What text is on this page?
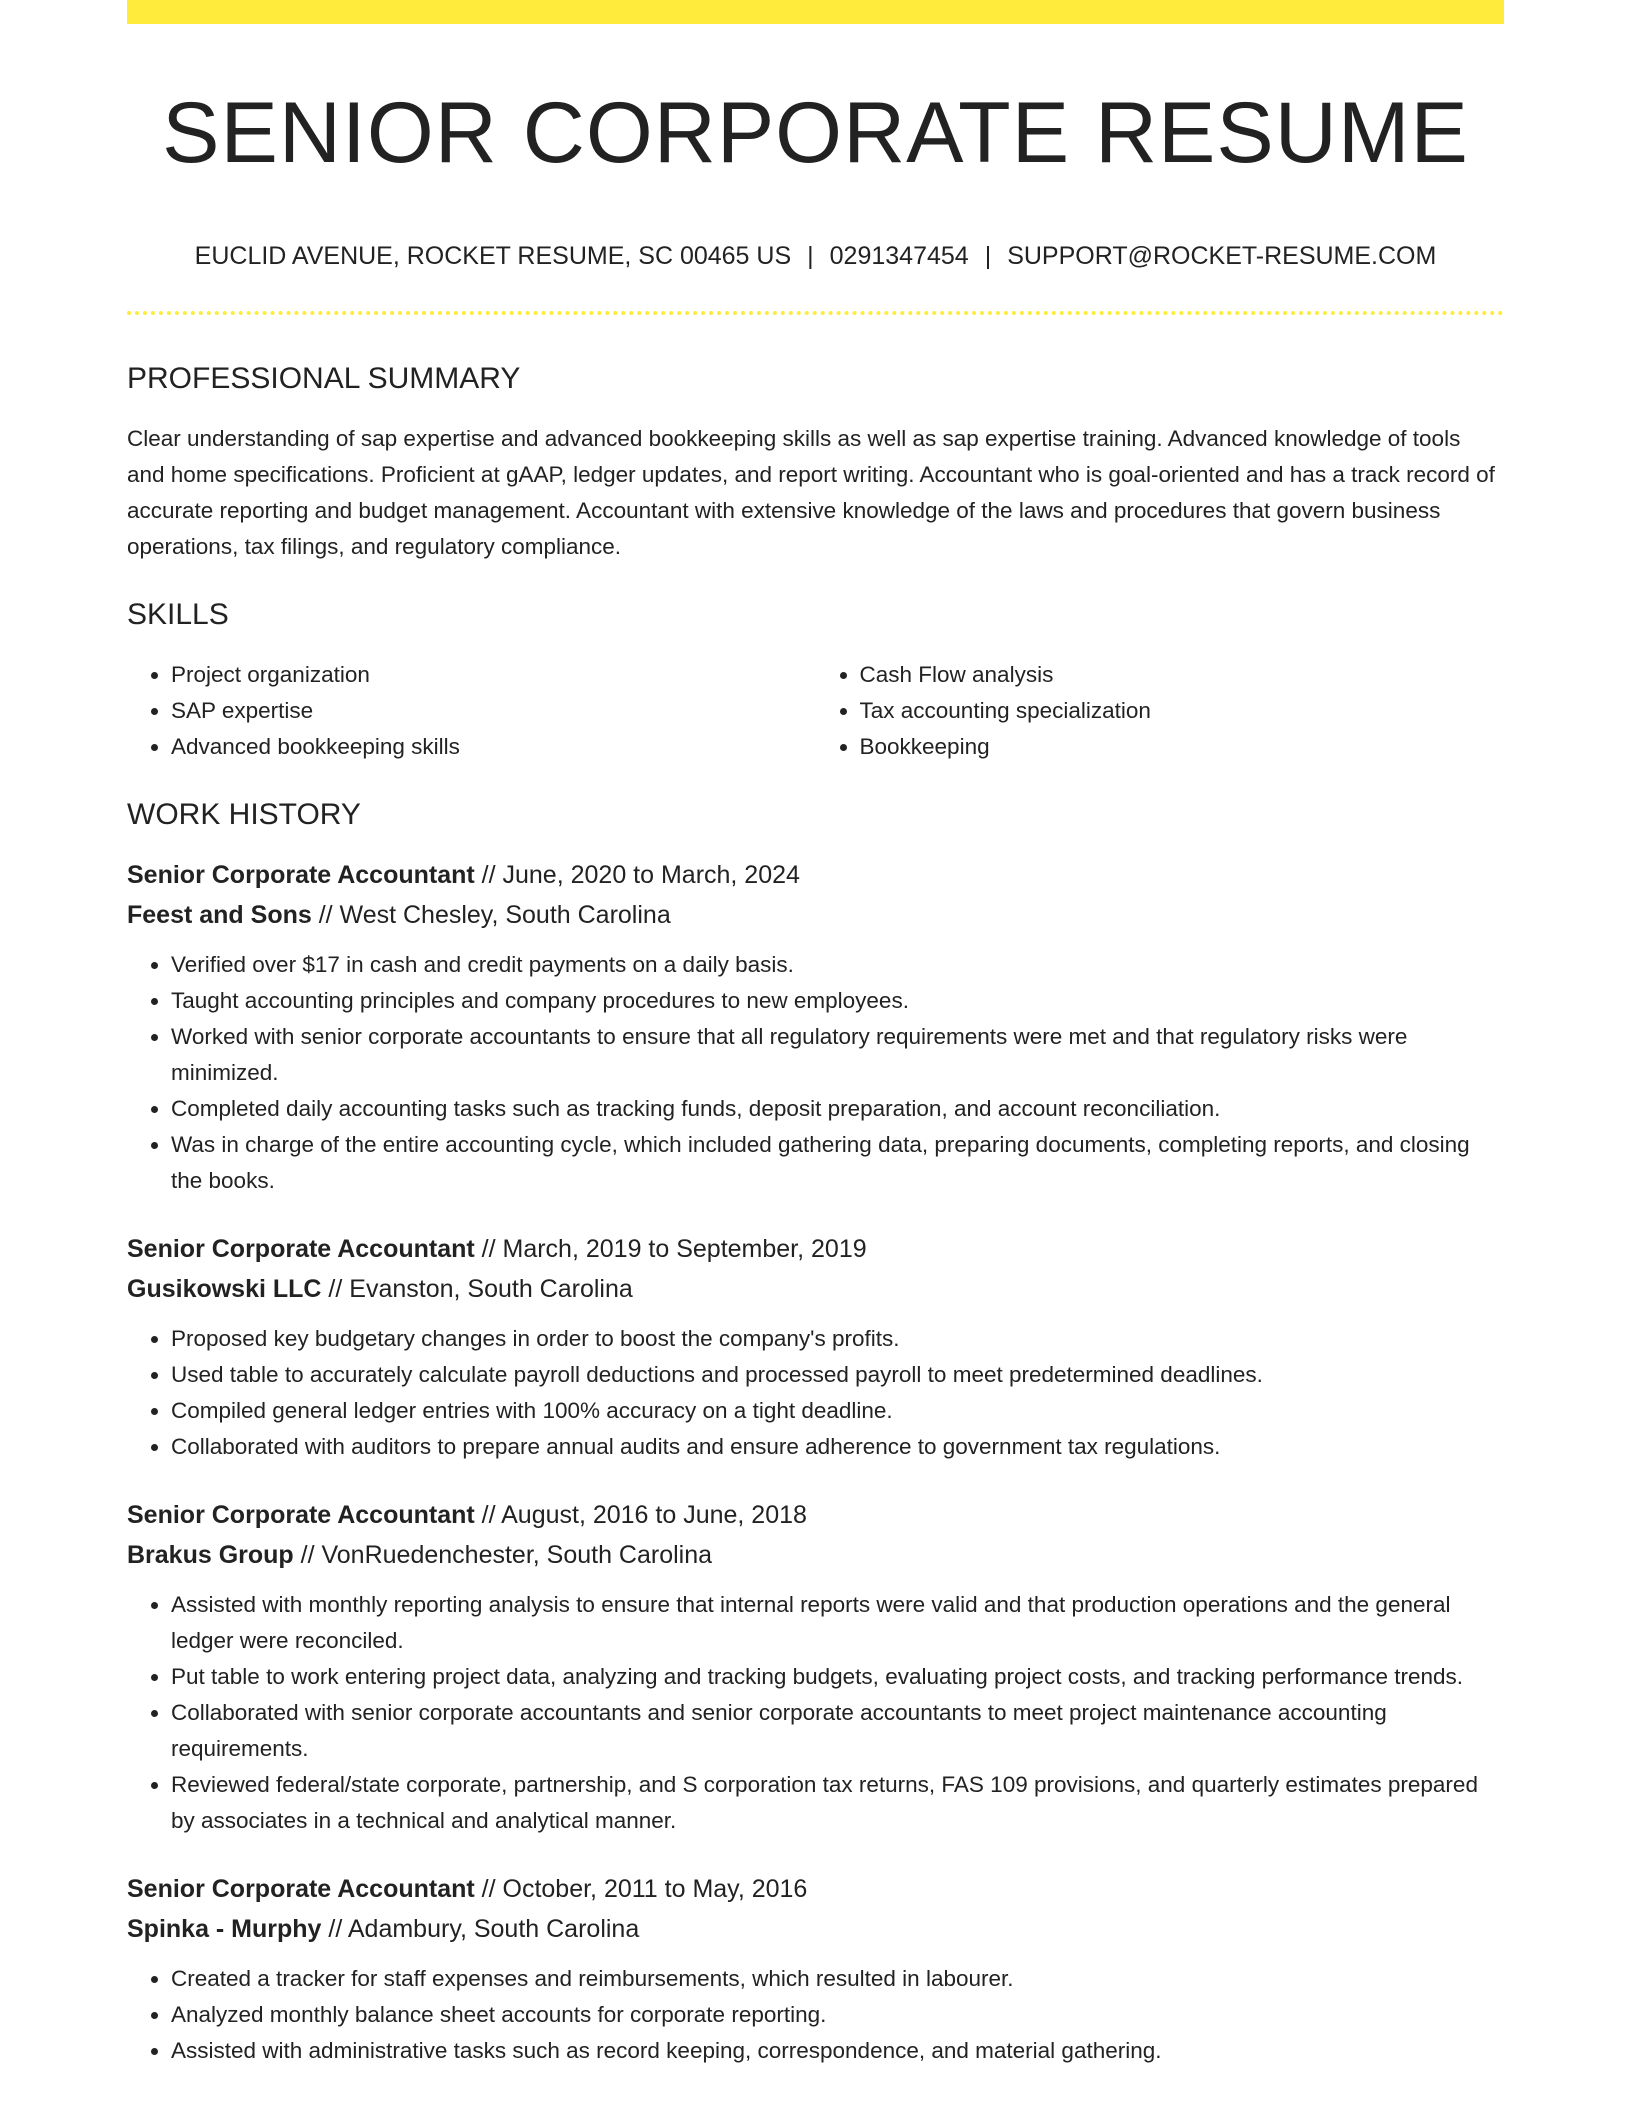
SENIOR CORPORATE RESUME
EUCLID AVENUE, ROCKET RESUME, SC 00465 US | 0291347454 | SUPPORT@ROCKET-RESUME.COM
PROFESSIONAL SUMMARY
Clear understanding of sap expertise and advanced bookkeeping skills as well as sap expertise training. Advanced knowledge of tools and home specifications. Proficient at gAAP, ledger updates, and report writing. Accountant who is goal-oriented and has a track record of accurate reporting and budget management. Accountant with extensive knowledge of the laws and procedures that govern business operations, tax filings, and regulatory compliance.
SKILLS
• Project organization
• SAP expertise
• Advanced bookkeeping skills
• Cash Flow analysis
• Tax accounting specialization
• Bookkeeping
WORK HISTORY
Senior Corporate Accountant // June, 2020 to March, 2024
Feest and Sons // West Chesley, South Carolina
• Verified over $17 in cash and credit payments on a daily basis.
• Taught accounting principles and company procedures to new employees.
• Worked with senior corporate accountants to ensure that all regulatory requirements were met and that regulatory risks were minimized.
• Completed daily accounting tasks such as tracking funds, deposit preparation, and account reconciliation.
• Was in charge of the entire accounting cycle, which included gathering data, preparing documents, completing reports, and closing the books.
Senior Corporate Accountant // March, 2019 to September, 2019
Gusikowski LLC // Evanston, South Carolina
• Proposed key budgetary changes in order to boost the company's profits.
• Used table to accurately calculate payroll deductions and processed payroll to meet predetermined deadlines.
• Compiled general ledger entries with 100% accuracy on a tight deadline.
• Collaborated with auditors to prepare annual audits and ensure adherence to government tax regulations.
Senior Corporate Accountant // August, 2016 to June, 2018
Brakus Group // VonRuedenchester, South Carolina
• Assisted with monthly reporting analysis to ensure that internal reports were valid and that production operations and the general ledger were reconciled.
• Put table to work entering project data, analyzing and tracking budgets, evaluating project costs, and tracking performance trends.
• Collaborated with senior corporate accountants and senior corporate accountants to meet project maintenance accounting requirements.
• Reviewed federal/state corporate, partnership, and S corporation tax returns, FAS 109 provisions, and quarterly estimates prepared by associates in a technical and analytical manner.
Senior Corporate Accountant // October, 2011 to May, 2016
Spinka - Murphy // Adambury, South Carolina
• Created a tracker for staff expenses and reimbursements, which resulted in labourer.
• Analyzed monthly balance sheet accounts for corporate reporting.
• Assisted with administrative tasks such as record keeping, correspondence, and material gathering.
